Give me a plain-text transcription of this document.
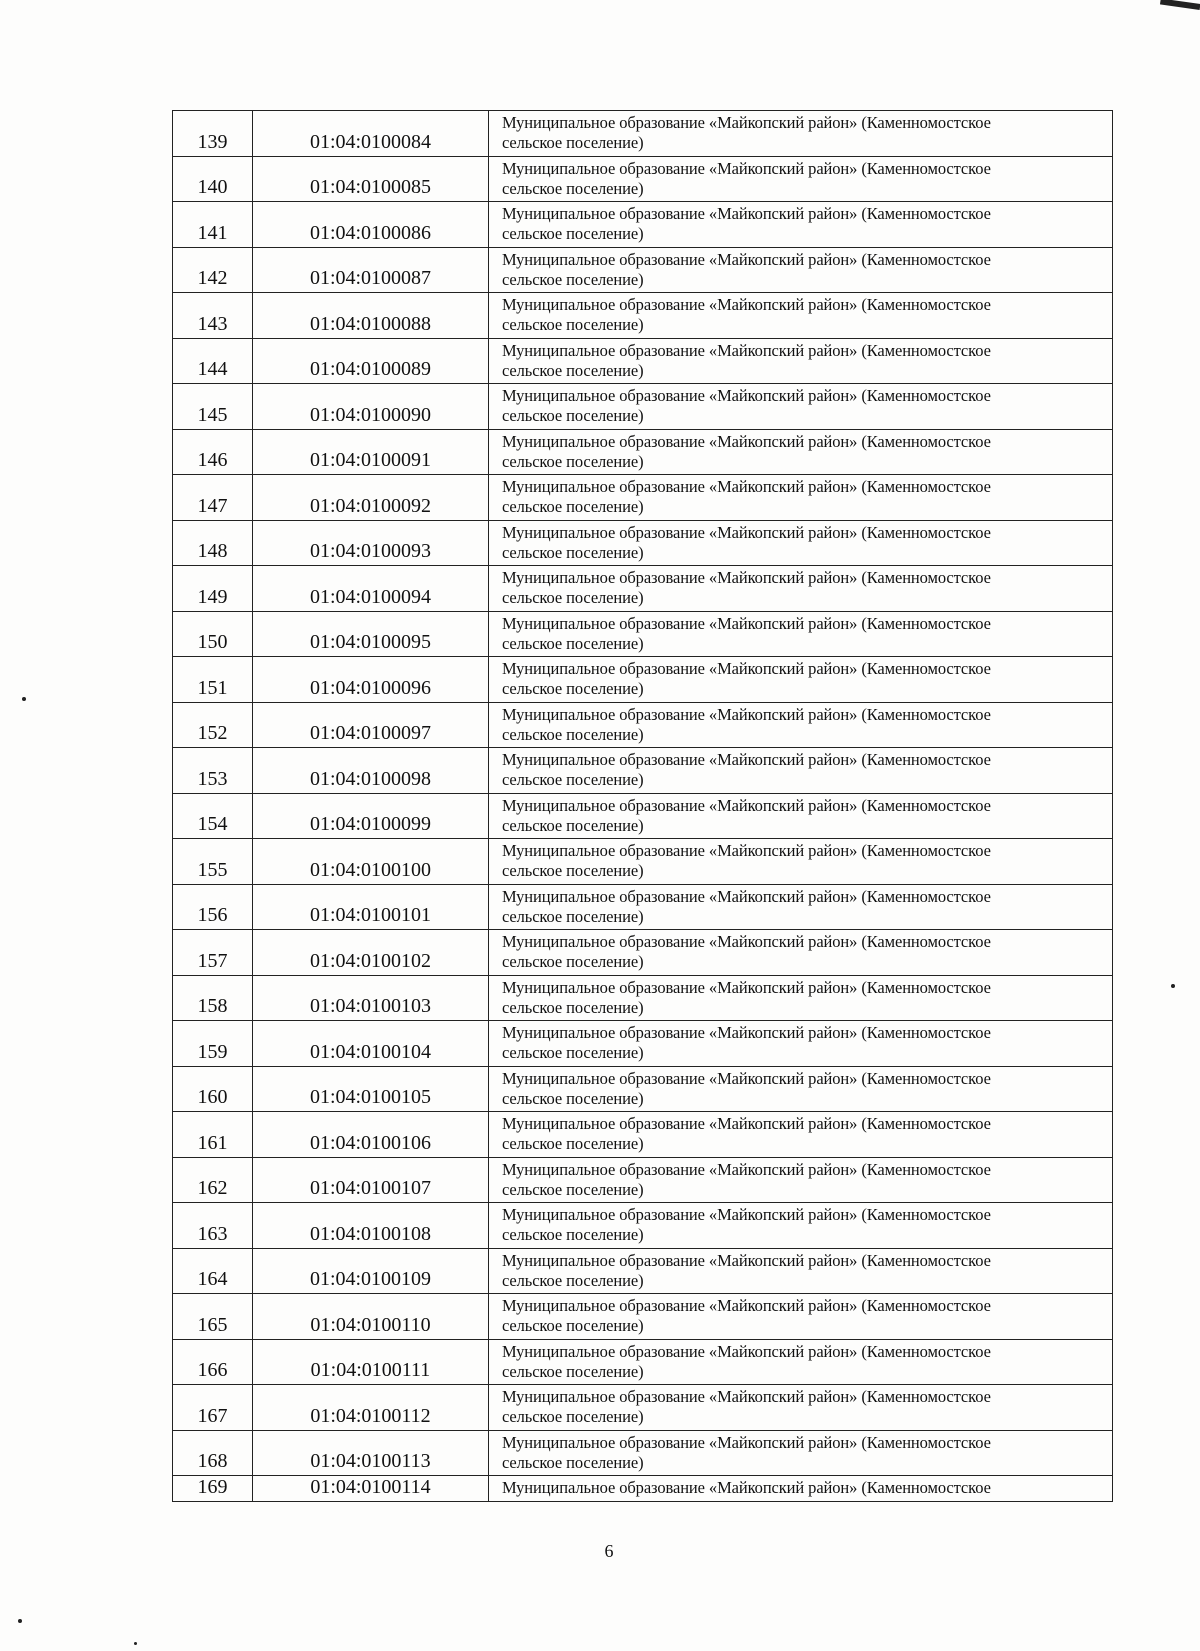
139	01:04:0100084	Муниципальное образование «Майкопский район» (Каменномостское
сельское поселение)

140	01:04:0100085	Муниципальное образование «Майкопский район» (Каменномостское
сельское поселение)

141	01:04:0100086	Муниципальное образование «Майкопский район» (Каменномостское
сельское поселение)

142	01:04:0100087	Муниципальное образование «Майкопский район» (Каменномостское
сельское поселение)

143	01:04:0100088	Муниципальное образование «Майкопский район» (Каменномостское
сельское поселение)

144	01:04:0100089	Муниципальное образование «Майкопский район» (Каменномостское
сельское поселение)

145	01:04:0100090	Муниципальное образование «Майкопский район» (Каменномостское
сельское поселение)

146	01:04:0100091	Муниципальное образование «Майкопский район» (Каменномостское
сельское поселение)

147	01:04:0100092	Муниципальное образование «Майкопский район» (Каменномостское
сельское поселение)

148	01:04:0100093	Муниципальное образование «Майкопский район» (Каменномостское
сельское поселение)

149	01:04:0100094	Муниципальное образование «Майкопский район» (Каменномостское
сельское поселение)

150	01:04:0100095	Муниципальное образование «Майкопский район» (Каменномостское
сельское поселение)

151	01:04:0100096	Муниципальное образование «Майкопский район» (Каменномостское
сельское поселение)

152	01:04:0100097	Муниципальное образование «Майкопский район» (Каменномостское
сельское поселение)

153	01:04:0100098	Муниципальное образование «Майкопский район» (Каменномостское
сельское поселение)

154	01:04:0100099	Муниципальное образование «Майкопский район» (Каменномостское
сельское поселение)

155	01:04:0100100	Муниципальное образование «Майкопский район» (Каменномостское
сельское поселение)

156	01:04:0100101	Муниципальное образование «Майкопский район» (Каменномостское
сельское поселение)

157	01:04:0100102	Муниципальное образование «Майкопский район» (Каменномостское
сельское поселение)

158	01:04:0100103	Муниципальное образование «Майкопский район» (Каменномостское
сельское поселение)

159	01:04:0100104	Муниципальное образование «Майкопский район» (Каменномостское
сельское поселение)

160	01:04:0100105	Муниципальное образование «Майкопский район» (Каменномостское
сельское поселение)

161	01:04:0100106	Муниципальное образование «Майкопский район» (Каменномостское
сельское поселение)

162	01:04:0100107	Муниципальное образование «Майкопский район» (Каменномостское
сельское поселение)

163	01:04:0100108	Муниципальное образование «Майкопский район» (Каменномостское
сельское поселение)

164	01:04:0100109	Муниципальное образование «Майкопский район» (Каменномостское
сельское поселение)

165	01:04:0100110	Муниципальное образование «Майкопский район» (Каменномостское
сельское поселение)

166	01:04:0100111	Муниципальное образование «Майкопский район» (Каменномостское
сельское поселение)

167	01:04:0100112	Муниципальное образование «Майкопский район» (Каменномостское
сельское поселение)

168	01:04:0100113	Муниципальное образование «Майкопский район» (Каменномостское
сельское поселение)

169	01:04:0100114	Муниципальное образование «Майкопский район» (Каменномостское
6
